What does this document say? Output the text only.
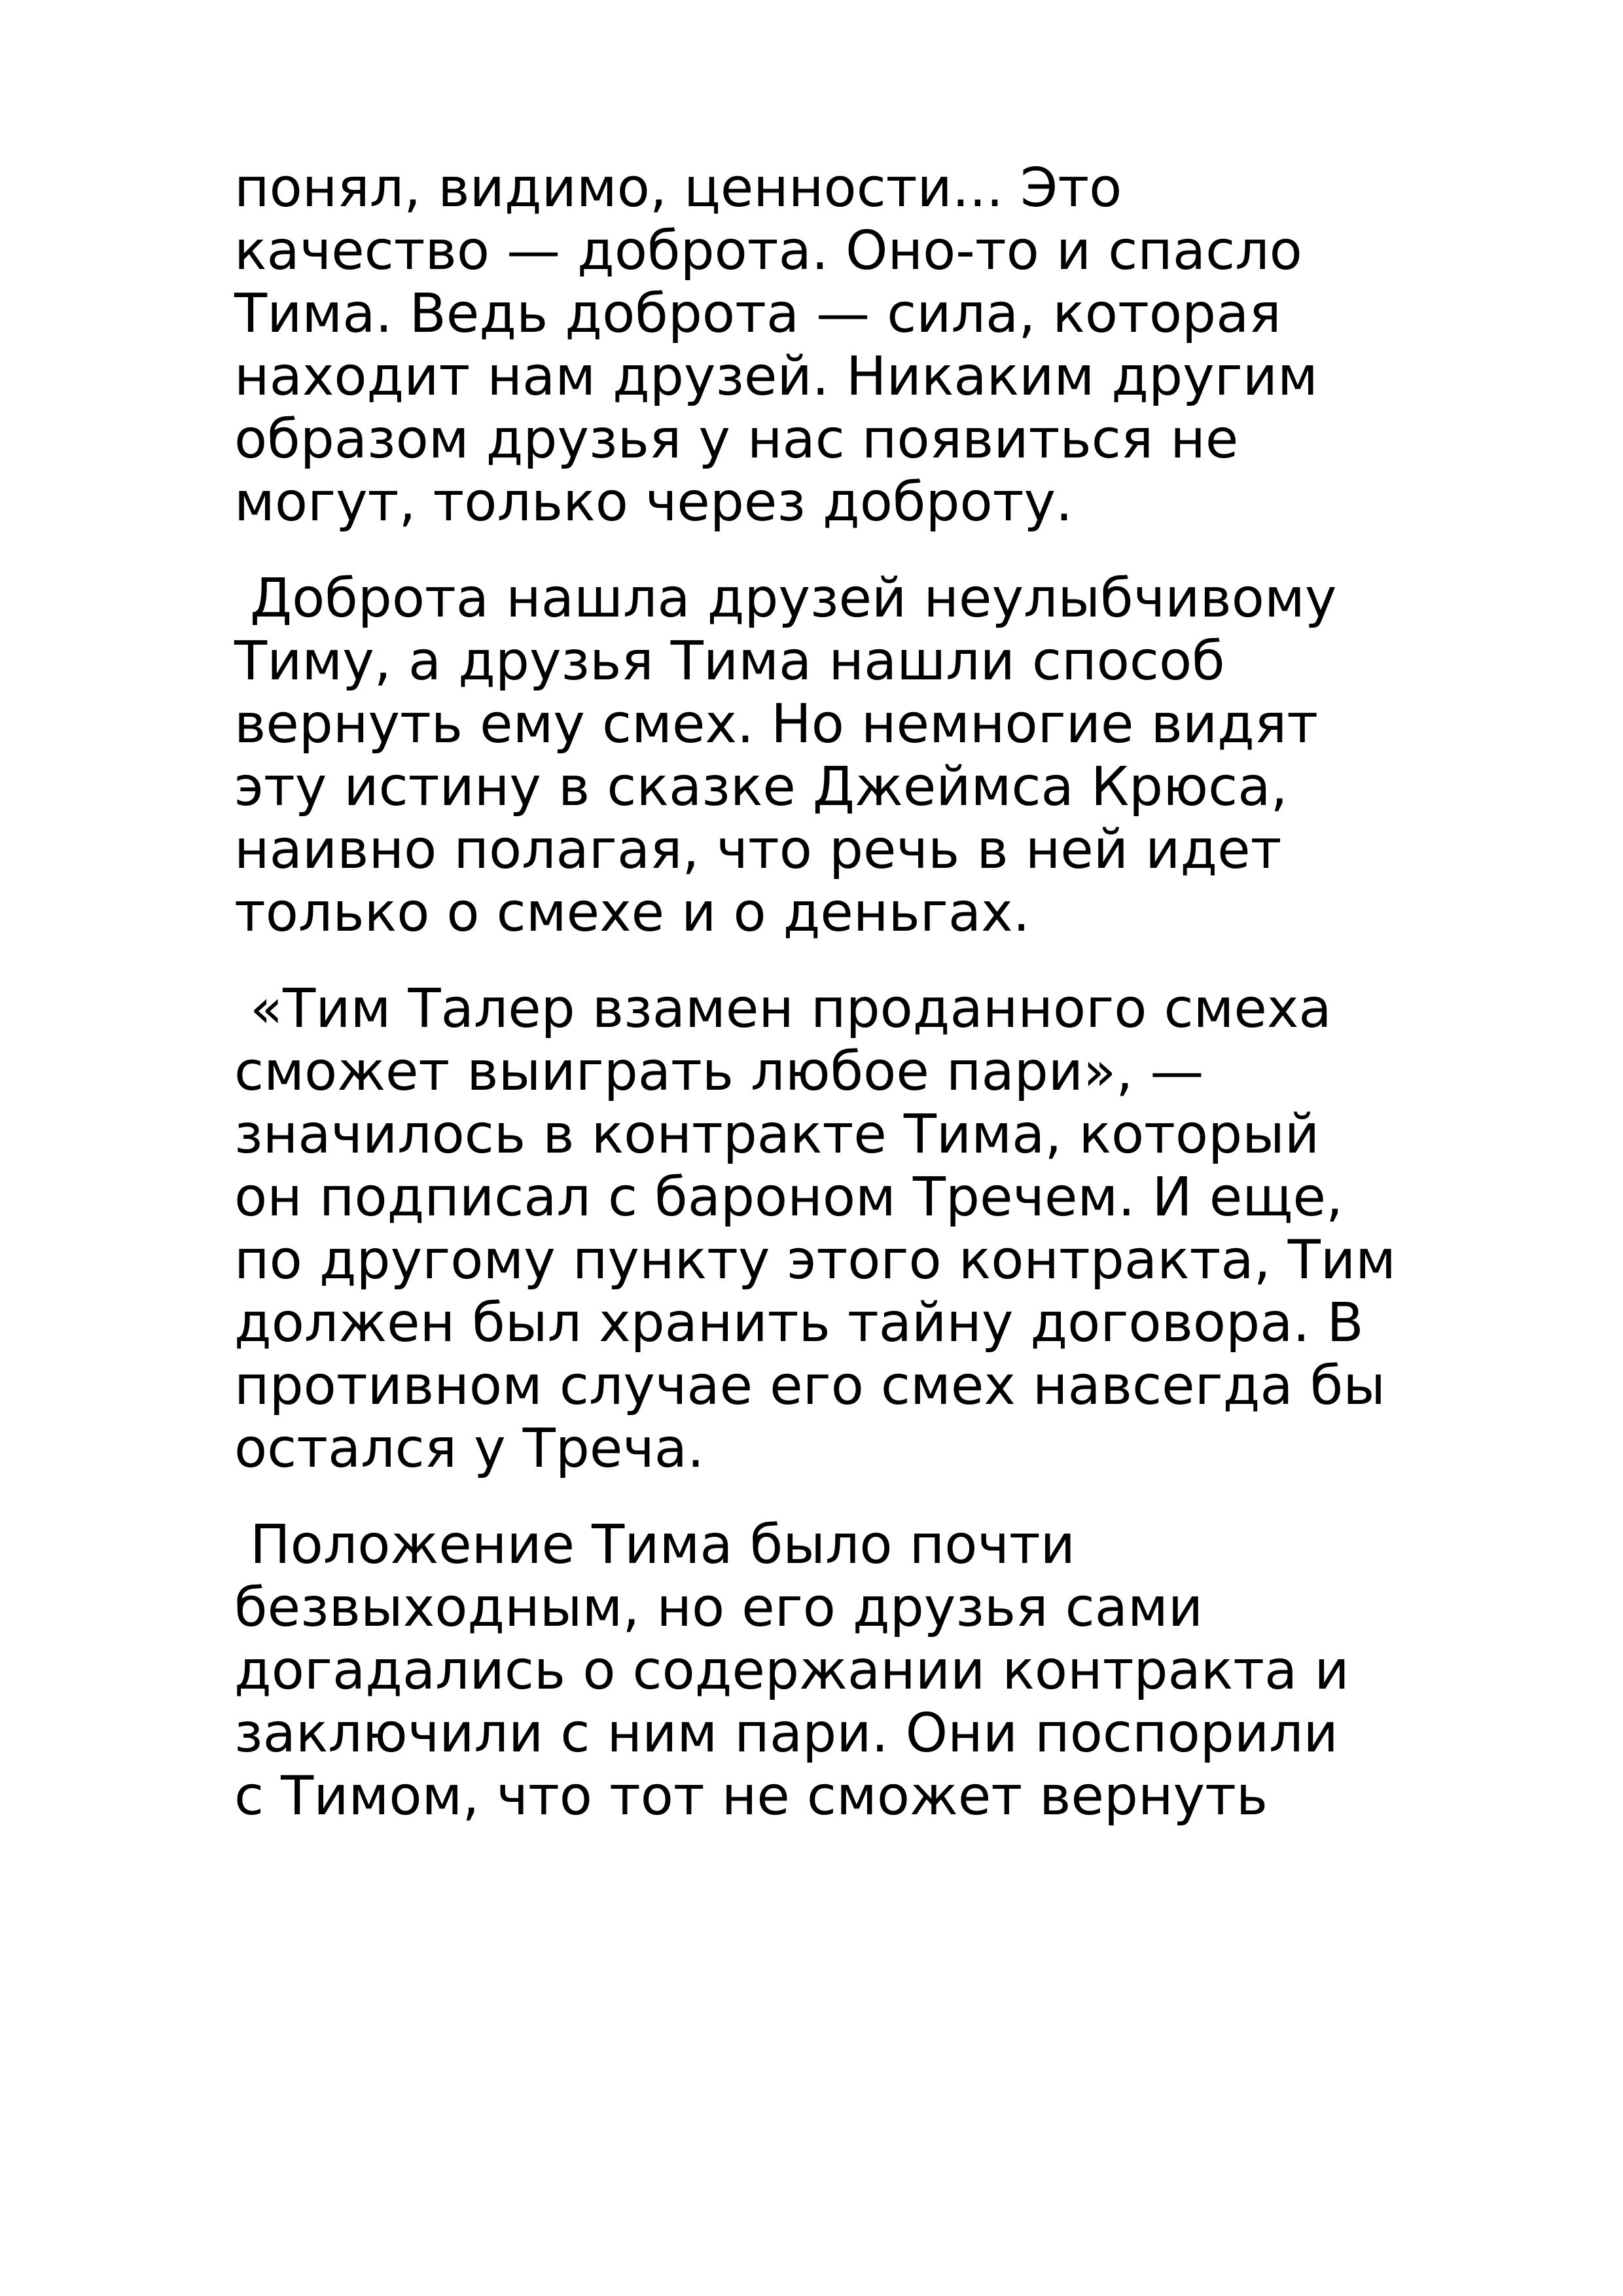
понял, видимо, ценности... Это
качество — доброта. Оно-то и спасло
Тима. Ведь доброта — сила, которая
находит нам друзей. Никаким другим
образом друзья у нас появиться не
могут, только через доброту.

Доброта нашла друзей неулыбчивому
Тиму, а друзья Тима нашли способ
вернуть ему смех. Но немногие видят
эту истину в сказке Джеймса Крюса,
наивно полагая, что речь в ней идет
только о смехе и о деньгах.

«Тим Талер взамен проданного смеха
сможет выиграть любое пари», —
значилось в контракте Тима, который
он подписал с бароном Тречем. И еще,
по другому пункту этого контракта, Тим
должен был хранить тайну договора. В
противном случае его смех навсегда бы
остался у Треча.

Положение Тима было почти
безвыходным, но его друзья сами
догадались о содержании контракта и
заключили с ним пари. Они поспорили
с Тимом, что тот не сможет вернуть
